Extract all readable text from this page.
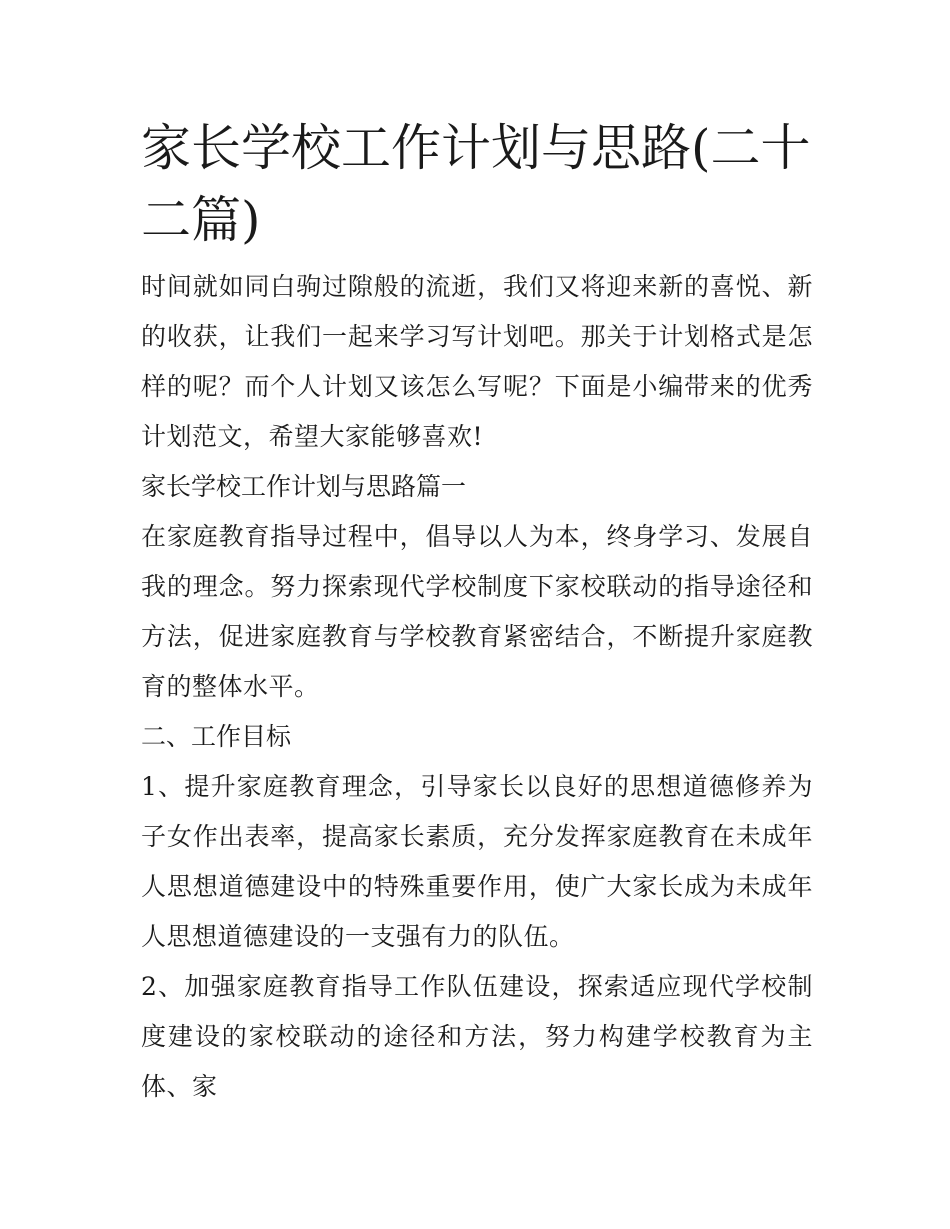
家长学校工作计划与思路(二十二篇)

时间就如同白驹过隙般的流逝，我们又将迎来新的喜悦、新的收获，让我们一起来学习写计划吧。那关于计划格式是怎样的呢？而个人计划又该怎么写呢？下面是小编带来的优秀计划范文，希望大家能够喜欢!

家长学校工作计划与思路篇一

在家庭教育指导过程中，倡导以人为本，终身学习、发展自我的理念。努力探索现代学校制度下家校联动的指导途径和方法，促进家庭教育与学校教育紧密结合，不断提升家庭教育的整体水平。

二、工作目标

1、提升家庭教育理念，引导家长以良好的思想道德修养为子女作出表率，提高家长素质，充分发挥家庭教育在未成年人思想道德建设中的特殊重要作用，使广大家长成为未成年人思想道德建设的一支强有力的队伍。

2、加强家庭教育指导工作队伍建设，探索适应现代学校制度建设的家校联动的途径和方法，努力构建学校教育为主体、家
